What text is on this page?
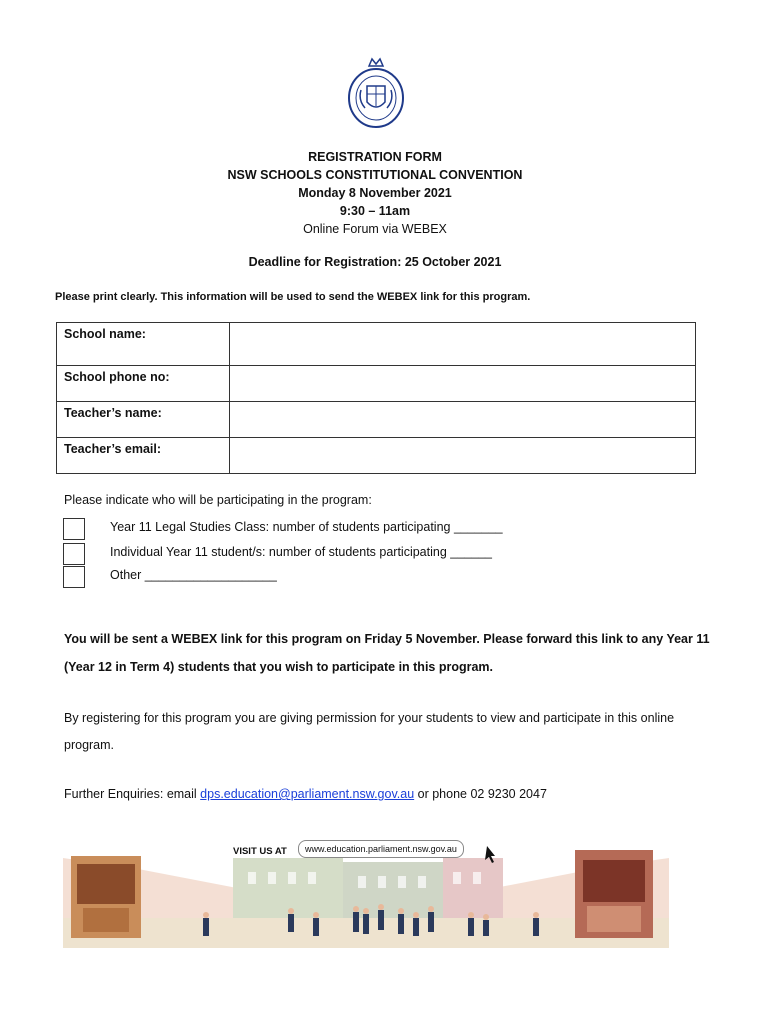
REGISTRATION FORM
NSW SCHOOLS CONSTITUTIONAL CONVENTION
Monday 8 November 2021
9:30 – 11am
Online Forum via WEBEX
Deadline for Registration: 25 October 2021
Please print clearly. This information will be used to send the WEBEX link for this program.
School name:	
School phone no:	
Teacher’s name:	
Teacher’s email:	
Please indicate who will be participating in the program:
Year 11 Legal Studies Class: number of students participating _______
Individual Year 11 student/s: number of students participating ______
Other ___________________
You will be sent a WEBEX link for this program on Friday 5 November. Please forward this link to any Year 11 (Year 12 in Term 4) students that you wish to participate in this program.
By registering for this program you are giving permission for your students to view and participate in this online program.
Further Enquiries: email dps.education@parliament.nsw.gov.au or phone 02 9230 2047
VISIT US AT	www.education.parliament.nsw.gov.au
